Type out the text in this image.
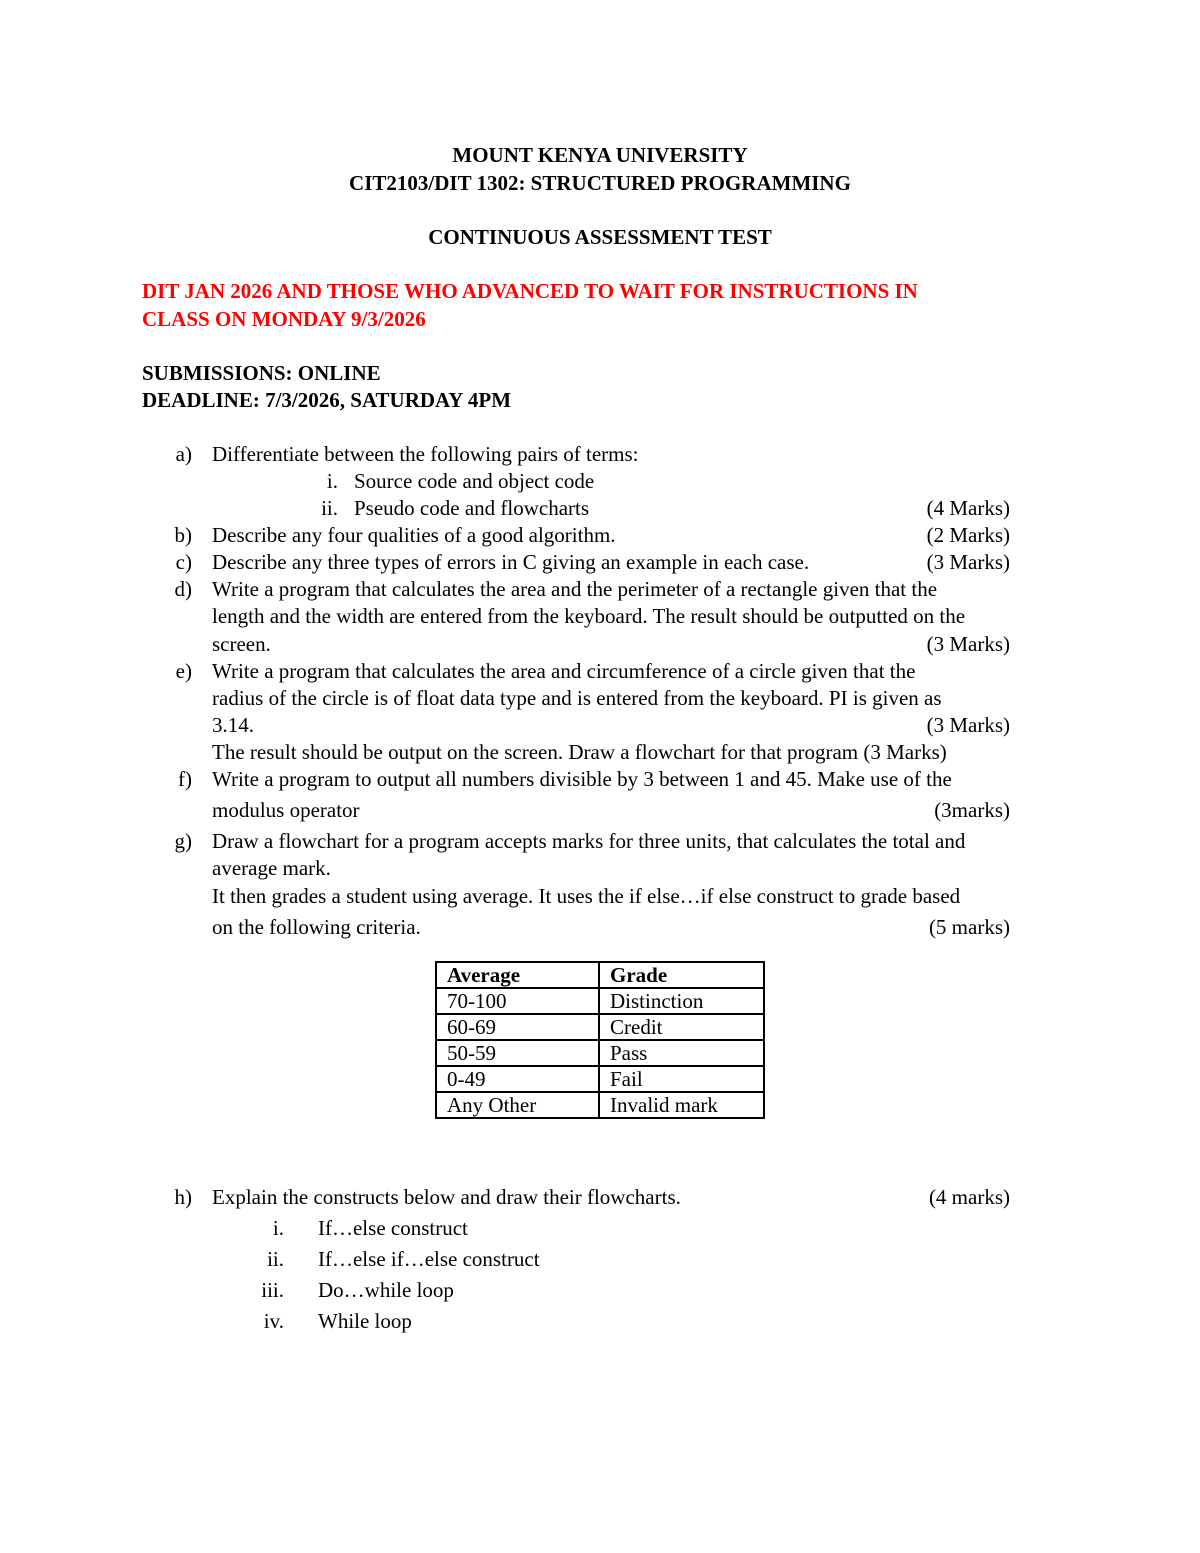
MOUNT KENYA UNIVERSITY
CIT2103/DIT 1302: STRUCTURED PROGRAMMING
CONTINUOUS ASSESSMENT TEST
DIT JAN 2026 AND THOSE WHO ADVANCED TO WAIT FOR INSTRUCTIONS IN
CLASS ON MONDAY 9/3/2026
SUBMISSIONS: ONLINE
DEADLINE: 7/3/2026, SATURDAY 4PM
a) Differentiate between the following pairs of terms:
i. Source code and object code
ii. Pseudo code and flowcharts	(4 Marks)
b) Describe any four qualities of a good algorithm.	(2 Marks)
c) Describe any three types of errors in C giving an example in each case.	(3 Marks)
d) Write a program that calculates the area and the perimeter of a rectangle given that the
length and the width are entered from the keyboard. The result should be outputted on the
screen.	(3 Marks)
e) Write a program that calculates the area and circumference of a circle given that the
radius of the circle is of float data type and is entered from the keyboard. PI is given as
3.14.	(3 Marks)
The result should be output on the screen. Draw a flowchart for that program (3 Marks)
f) Write a program to output all numbers divisible by 3 between 1 and 45. Make use of the
modulus operator	(3marks)
g) Draw a flowchart for a program accepts marks for three units, that calculates the total and
average mark.
It then grades a student using average. It uses the if else…if else construct to grade based
on the following criteria.	(5 marks)
Average	Grade
70-100	Distinction
60-69	Credit
50-59	Pass
0-49	Fail
Any Other	Invalid mark
h) Explain the constructs below and draw their flowcharts.	(4 marks)
i. If…else construct
ii. If…else if…else construct
iii. Do…while loop
iv. While loop
